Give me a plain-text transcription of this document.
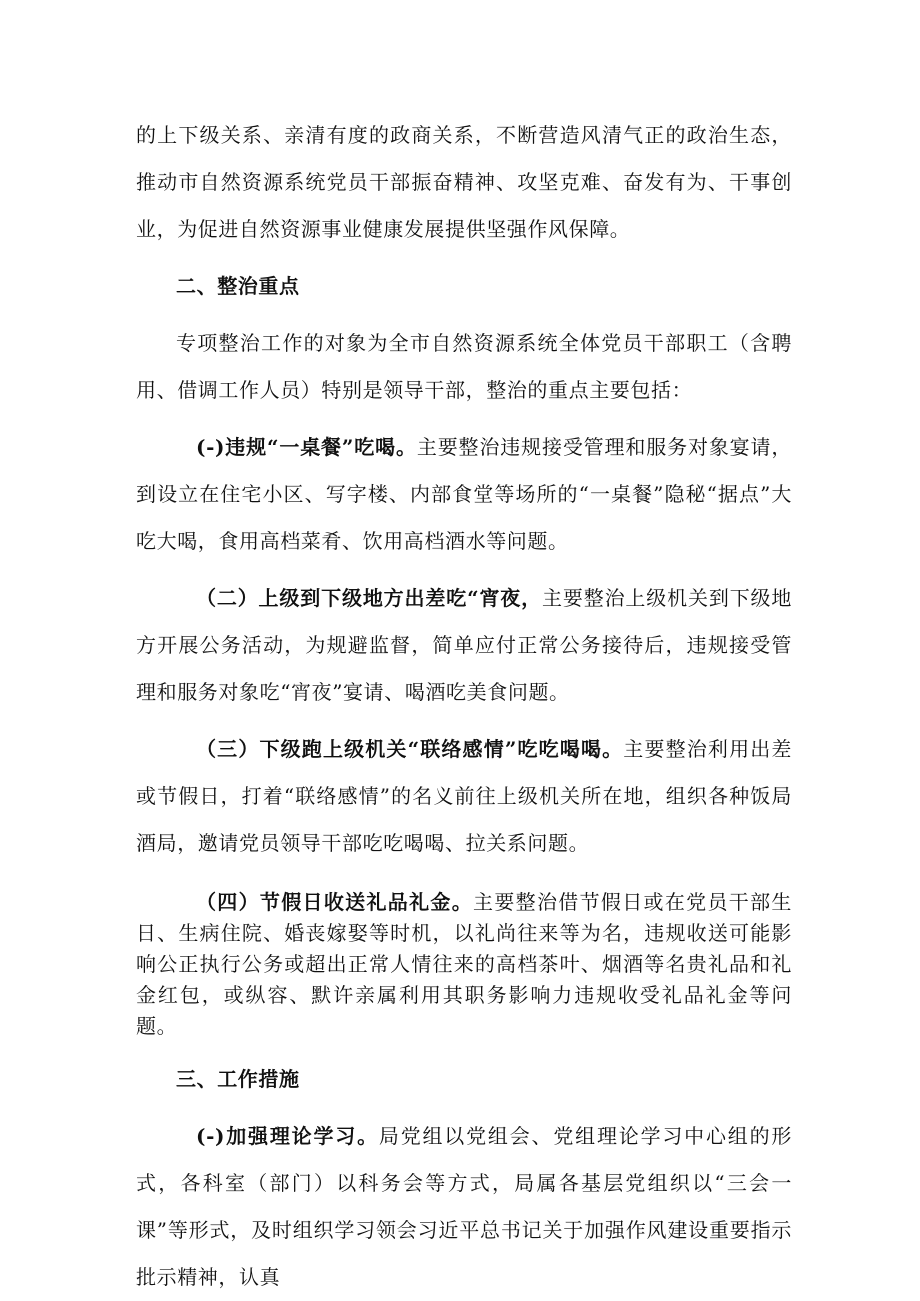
的上下级关系、亲清有度的政商关系，不断营造风清气正的政治生态，推动市自然资源系统党员干部振奋精神、攻坚克难、奋发有为、干事创业，为促进自然资源事业健康发展提供坚强作风保障。

二、整治重点

专项整治工作的对象为全市自然资源系统全体党员干部职工（含聘用、借调工作人员）特别是领导干部，整治的重点主要包括：

(-)违规“一桌餐”吃喝。主要整治违规接受管理和服务对象宴请，到设立在住宅小区、写字楼、内部食堂等场所的“一桌餐”隐秘“据点”大吃大喝，食用高档菜肴、饮用高档酒水等问题。

（二）上级到下级地方出差吃“宵夜，主要整治上级机关到下级地方开展公务活动，为规避监督，简单应付正常公务接待后，违规接受管理和服务对象吃“宵夜”宴请、喝酒吃美食问题。

（三）下级跑上级机关“联络感情”吃吃喝喝。主要整治利用出差或节假日，打着“联络感情”的名义前往上级机关所在地，组织各种饭局酒局，邀请党员领导干部吃吃喝喝、拉关系问题。

（四）节假日收送礼品礼金。主要整治借节假日或在党员干部生日、生病住院、婚丧嫁娶等时机，以礼尚往来等为名，违规收送可能影响公正执行公务或超出正常人情往来的高档茶叶、烟酒等名贵礼品和礼金红包，或纵容、默许亲属利用其职务影响力违规收受礼品礼金等问题。

三、工作措施

(-)加强理论学习。局党组以党组会、党组理论学习中心组的形式，各科室（部门）以科务会等方式，局属各基层党组织以“三会一课”等形式，及时组织学习领会习近平总书记关于加强作风建设重要指示批示精神，认真
